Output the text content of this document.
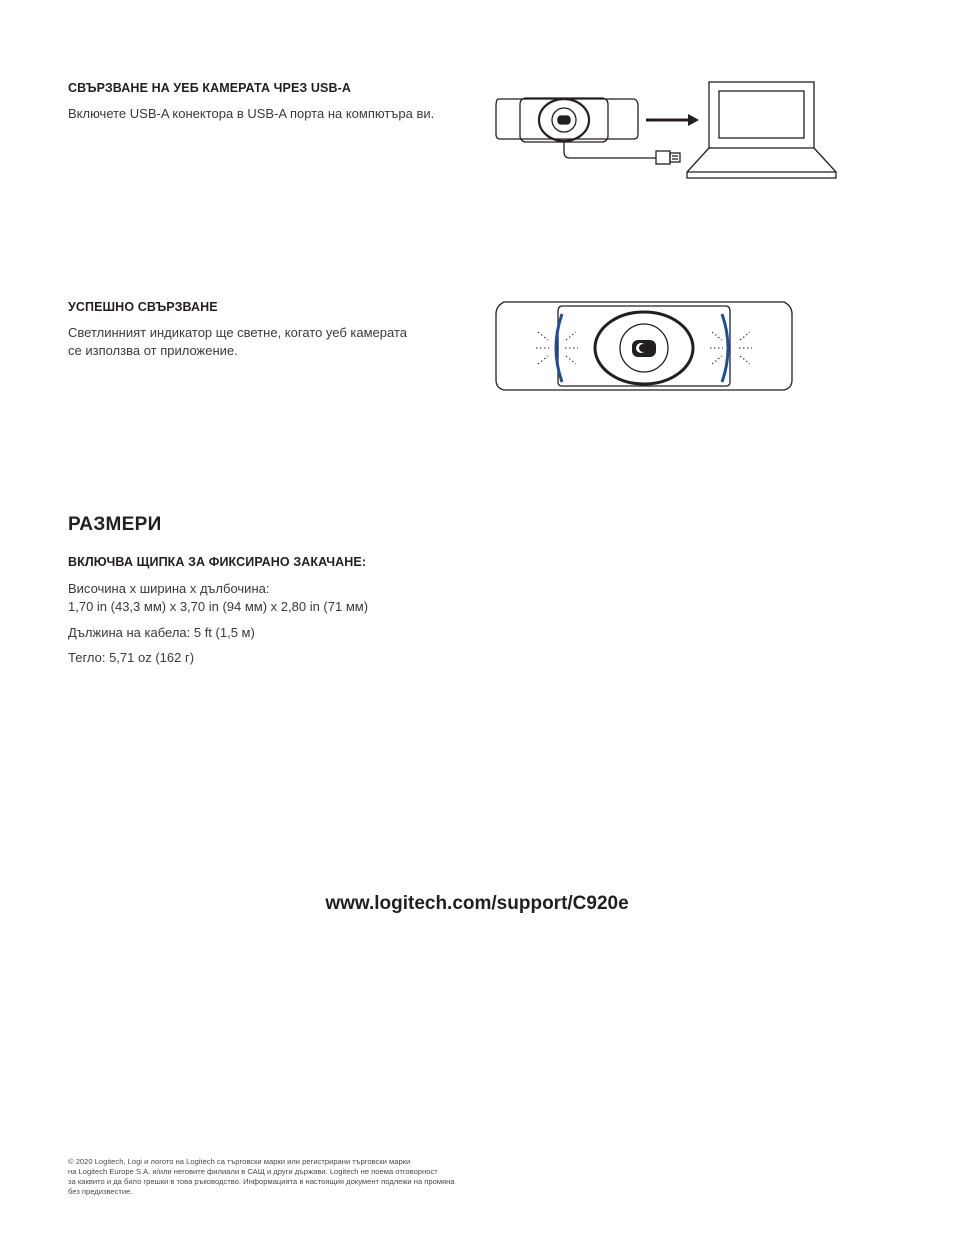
СВЪРЗВАНЕ НА УЕБ КАМЕРАТА ЧРЕЗ USB-A

Включете USB-A конектора в USB-A порта на компютъра ви.

УСПЕШНО СВЪРЗВАНЕ

Светлинният индикатор ще светне, когато уеб камерата

се използва от приложение.

РАЗМЕРИ
ВКЛЮЧВА ЩИПКА ЗА ФИКСИРАНО ЗАКАЧАНЕ:

Височина x ширина x дълбочина:

1,70 in (43,3 мм) x 3,70 in (94 мм) x 2,80 in (71 мм)

Дължина на кабела: 5 ft (1,5 м)

Тегло: 5,71 oz (162 г)

www.logitech.com/support/C920e

© 2020 Logitech, Logi и логото на Logitech са търговски марки или регистрирани търговски марки

на Logitech Europe S.A. и/или неговите филиали в САЩ и други държави. Logitech не поема отговорност

за каквито и да било грешки в това ръководство. Информацията в настоящия документ подлежи на промяна

без предизвестие.
